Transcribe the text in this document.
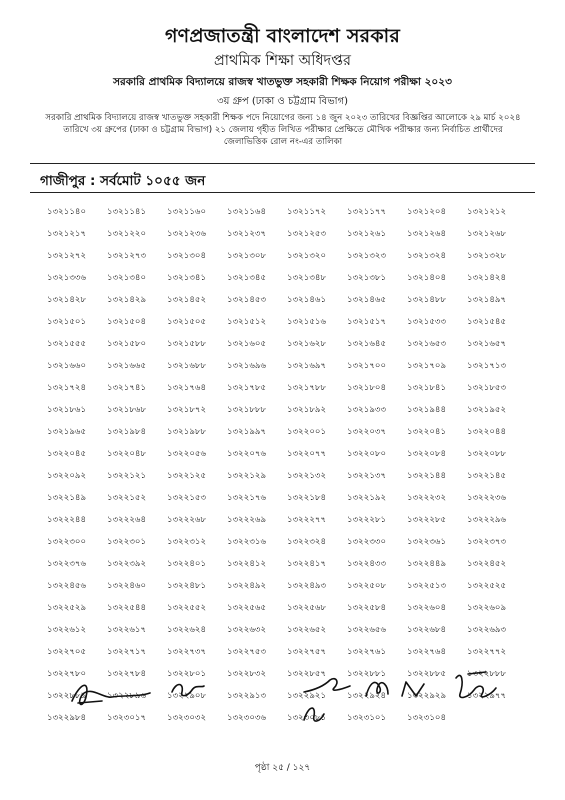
গণপ্রজাতন্ত্রী বাংলাদেশ সরকার
প্রাথমিক শিক্ষা অধিদপ্তর
সরকারি প্রাথমিক বিদ্যালয়ে রাজস্ব খাতভুক্ত সহকারী শিক্ষক নিয়োগ পরীক্ষা ২০২৩
৩য় গ্রুপ (ঢাকা ও চট্টগ্রাম বিভাগ)
সরকারি প্রাথমিক বিদ্যালয়ে রাজস্ব খাতভুক্ত সহকারী শিক্ষক পদে নিয়োগের জন্য ১৪ জুন ২০২৩ তারিখের বিজ্ঞপ্তির আলোকে ২৯ মার্চ ২০২৪ তারিখে ৩য় গ্রুপের (ঢাকা ও চট্টগ্রাম বিভাগ) ২১ জেলায় গৃহীত লিখিত পরীক্ষার প্রেক্ষিতে মৌখিক পরীক্ষার জন্য নির্বাচিত প্রার্থীদের জেলাভিত্তিক রোল নং-এর তালিকা
গাজীপুর : সর্বমোট ১০৫৫ জন
১৩২১১৪০	১৩২১১৪১	১৩২১১৬০	১৩২১১৬৪	১৩২১১৭২	১৩২১১৭৭	১৩২১২০৪	১৩২১২১২
১৩২১২১৭	১৩২১২২০	১৩২১২৩৬	১৩২১২৩৭	১৩২১২৫৩	১৩২১২৬১	১৩২১২৬৪	১৩২১২৬৮
১৩২১২৭২	১৩২১২৭৩	১৩২১৩০৪	১৩২১৩০৮	১৩২১৩২০	১৩২১৩২৩	১৩২১৩২৪	১৩২১৩২৮
১৩২১৩৩৬	১৩২১৩৪০	১৩২১৩৪১	১৩২১৩৪৫	১৩২১৩৪৮	১৩২১৩৮১	১৩২১৪০৪	১৩২১৪২৪
১৩২১৪২৮	১৩২১৪২৯	১৩২১৪৫২	১৩২১৪৫৩	১৩২১৪৬১	১৩২১৪৬৫	১৩২১৪৮৮	১৩২১৪৯৭
১৩২১৫০১	১৩২১৫০৪	১৩২১৫০৫	১৩২১৫১২	১৩২১৫১৬	১৩২১৫১৭	১৩২১৫৩৩	১৩২১৫৪৫
১৩২১৫৫৫	১৩২১৫৮০	১৩২১৫৮৮	১৩২১৬০৫	১৩২১৬২৮	১৩২১৬৪৫	১৩২১৬৫৩	১৩২১৬৫৭
১৩২১৬৬০	১৩২১৬৬৫	১৩২১৬৮৮	১৩২১৬৯৬	১৩২১৬৯৭	১৩২১৭০০	১৩২১৭০৯	১৩২১৭১৩
১৩২১৭২৪	১৩২১৭৪১	১৩২১৭৬৪	১৩২১৭৮৫	১৩২১৭৮৮	১৩২১৮০৪	১৩২১৮৪১	১৩২১৮৫৩
১৩২১৮৬১	১৩২১৮৬৮	১৩২১৮৭২	১৩২১৮৮৮	১৩২১৮৯২	১৩২১৯৩৩	১৩২১৯৪৪	১৩২১৯৫২
১৩২১৯৬৫	১৩২১৯৮৪	১৩২১৯৮৮	১৩২১৯৯৭	১৩২২০০১	১৩২২০৩৭	১৩২২০৪১	১৩২২০৪৪
১৩২২০৪৫	১৩২২০৪৮	১৩২২০৫৬	১৩২২০৭৬	১৩২২০৭৭	১৩২২০৮০	১৩২২০৮৪	১৩২২০৮৮
১৩২২০৯২	১৩২২১২১	১৩২২১২৫	১৩২২১২৯	১৩২২১৩২	১৩২২১৩৭	১৩২২১৪৪	১৩২২১৪৫
১৩২২১৪৯	১৩২২১৫২	১৩২২১৫৩	১৩২২১৭৬	১৩২২১৮৪	১৩২২১৯২	১৩২২২৩২	১৩২২২৩৬
১৩২২২৪৪	১৩২২২৬৪	১৩২২২৬৮	১৩২২২৬৯	১৩২২২৭৭	১৩২২২৮১	১৩২২২৮৫	১৩২২২৯৬
১৩২২৩০০	১৩২২৩০১	১৩২২৩১২	১৩২২৩১৬	১৩২২৩২৪	১৩২২৩৩০	১৩২২৩৬১	১৩২২৩৭৩
১৩২২৩৭৬	১৩২২৩৯২	১৩২২৪০১	১৩২২৪১২	১৩২২৪১৭	১৩২২৪৩৩	১৩২২৪৪৯	১৩২২৪৫২
১৩২২৪৫৬	১৩২২৪৬০	১৩২২৪৮১	১৩২২৪৯২	১৩২২৪৯৩	১৩২২৫০৮	১৩২২৫১৩	১৩২২৫২৫
১৩২২৫২৯	১৩২২৫৪৪	১৩২২৫৫২	১৩২২৫৬৫	১৩২২৫৬৮	১৩২২৫৮৪	১৩২২৬০৪	১৩২২৬০৯
১৩২২৬১২	১৩২২৬১৭	১৩২২৬২৪	১৩২২৬৩২	১৩২২৬৫২	১৩২২৬৫৬	১৩২২৬৮৪	১৩২২৬৯৩
১৩২২৭০৫	১৩২২৭১৭	১৩২২৭৩৭	১৩২২৭৫৩	১৩২২৭৫৭	১৩২২৭৬১	১৩২২৭৬৪	১৩২২৭৭২
১৩২২৭৮০	১৩২২৭৮৪	১৩২২৮০১	১৩২২৮৩২	১৩২২৮৫৭	১৩২২৮৮১	১৩২২৮৮৫	১৩২২৮৮৮
১৩২২৮৮৯	১৩২২৮৯৬	১৩২২৯০৮	১৩২২৯১৩	১৩২২৯২১	১৩২২৯২৪	১৩২২৯২৯	১৩২২৯৭৭
১৩২২৯৮৪	১৩২৩০১৭	১৩২৩০৩২	১৩২৩০৩৬	১৩২৩০৮১	১৩২৩১০১	১৩২৩১০৪
পৃষ্ঠা ২৫ / ১২৭
